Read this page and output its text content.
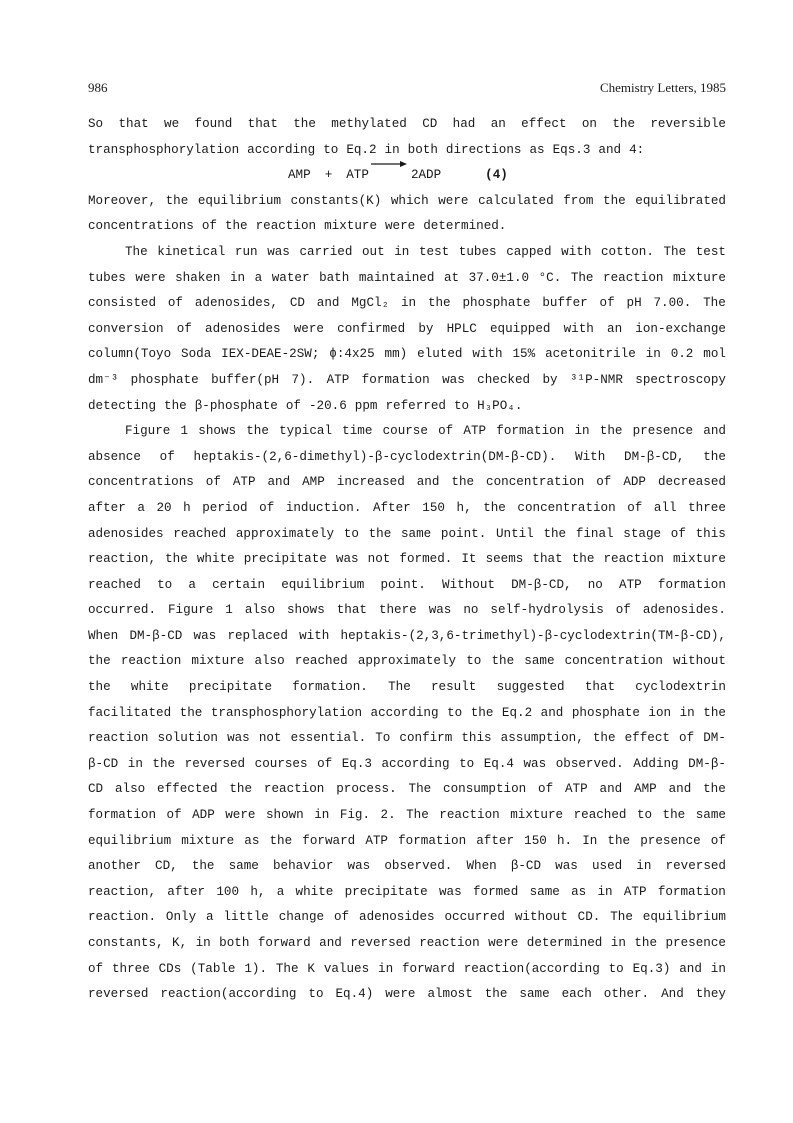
986	Chemistry Letters, 1985
So that we found that the methylated CD had an effect on the reversible
transphosphorylation according to Eq.2 in both directions as Eqs.3 and 4:
AMP + ATP	2ADP	(4)
Moreover, the equilibrium constants(K) which were calculated from the equilibrated
concentrations of the reaction mixture were determined.
The kinetical run was carried out in test tubes capped with cotton. The test
tubes were shaken in a water bath maintained at 37.0±1.0 °C. The reaction mixture
consisted of adenosides, CD and MgCl₂ in the phosphate buffer of pH 7.00. The
conversion of adenosides were confirmed by HPLC equipped with an ion-exchange
column(Toyo Soda IEX-DEAE-2SW; ϕ:4x25 mm) eluted with 15% acetonitrile in 0.2 mol
dm⁻³ phosphate buffer(pH 7). ATP formation was checked by ³¹P-NMR spectroscopy
detecting the β-phosphate of -20.6 ppm referred to H₃PO₄.
Figure 1 shows the typical time course of ATP formation in the presence and
absence of heptakis-(2,6-dimethyl)-β-cyclodextrin(DM-β-CD). With DM-β-CD, the
concentrations of ATP and AMP increased and the concentration of ADP decreased
after a 20 h period of induction. After 150 h, the concentration of all three
adenosides reached approximately to the same point. Until the final stage of this
reaction, the white precipitate was not formed. It seems that the reaction mixture
reached to a certain equilibrium point. Without DM-β-CD, no ATP formation
occurred. Figure 1 also shows that there was no self-hydrolysis of adenosides.
When DM-β-CD was replaced with heptakis-(2,3,6-trimethyl)-β-cyclodextrin(TM-β-CD),
the reaction mixture also reached approximately to the same concentration without
the white precipitate formation. The result suggested that cyclodextrin
facilitated the transphosphorylation according to the Eq.2 and phosphate ion in the
reaction solution was not essential. To confirm this assumption, the effect of DM-
β-CD in the reversed courses of Eq.3 according to Eq.4 was observed. Adding DM-β-
CD also effected the reaction process. The consumption of ATP and AMP and the
formation of ADP were shown in Fig. 2. The reaction mixture reached to the same
equilibrium mixture as the forward ATP formation after 150 h. In the presence of
another CD, the same behavior was observed. When β-CD was used in reversed
reaction, after 100 h, a white precipitate was formed same as in ATP formation
reaction. Only a little change of adenosides occurred without CD. The equilibrium
constants, K, in both forward and reversed reaction were determined in the presence
of three CDs (Table 1). The K values in forward reaction(according to Eq.3) and in
reversed reaction(according to Eq.4) were almost the same each other. And they
